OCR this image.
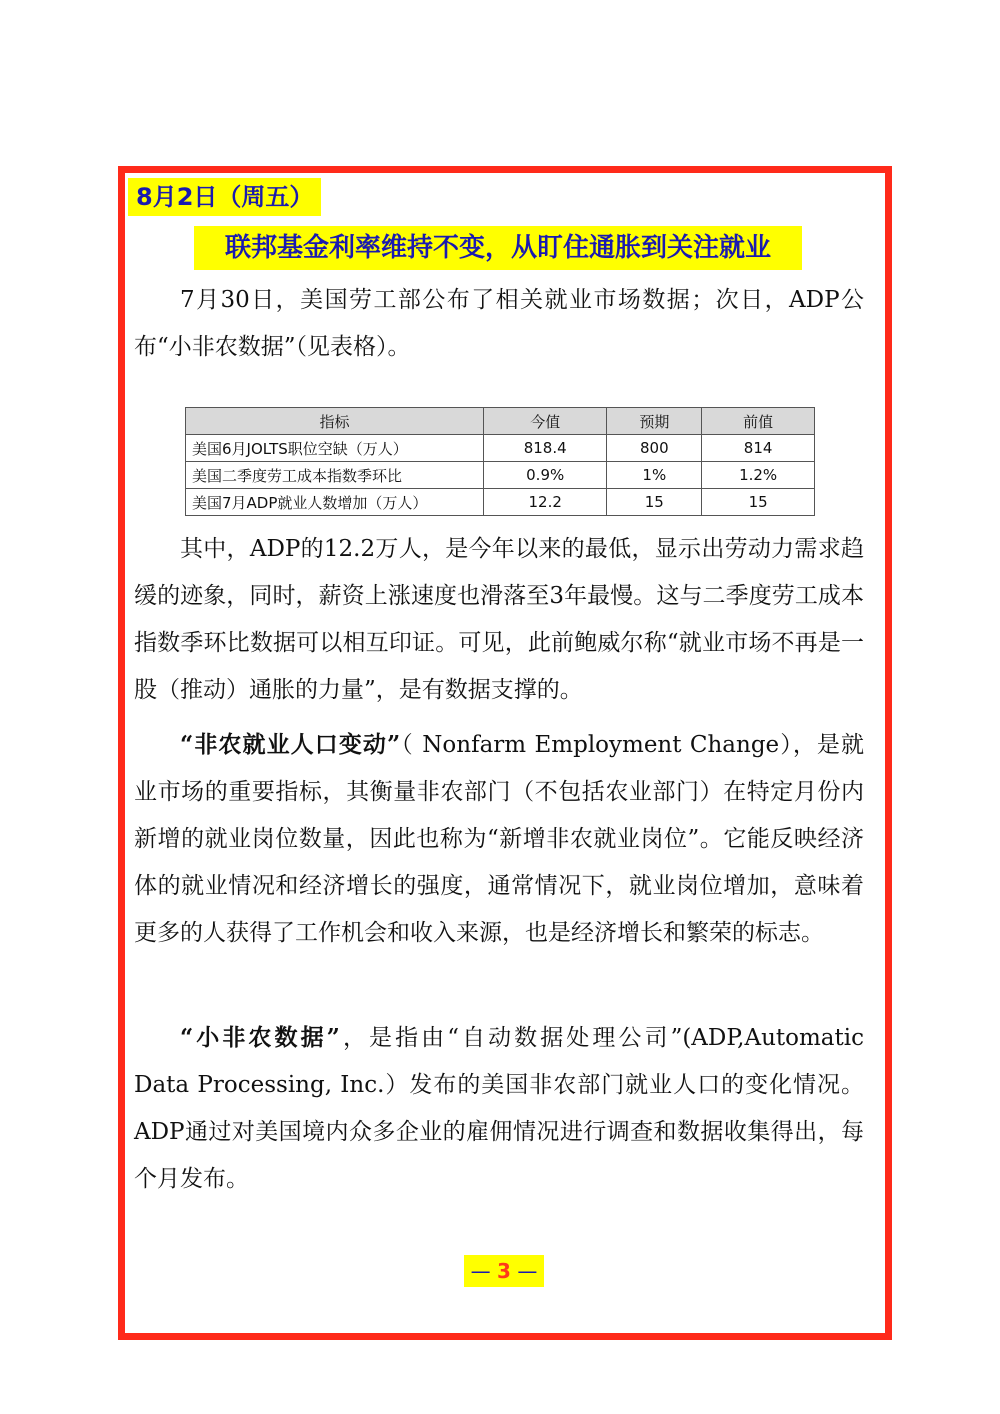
8月2日（周五）
联邦基金利率维持不变，从盯住通胀到关注就业

7月30日，美国劳工部公布了相关就业市场数据；次日，ADP公布“小非农数据”（见表格）。

指标	今值	预期	前值
美国6月JOLTS职位空缺（万人）	818.4	800	814
美国二季度劳工成本指数季环比	0.9%	1%	1.2%
美国7月ADP就业人数增加（万人）	12.2	15	15

其中，ADP的12.2万人，是今年以来的最低，显示出劳动力需求趋缓的迹象，同时，薪资上涨速度也滑落至3年最慢。这与二季度劳工成本指数季环比数据可以相互印证。可见，此前鲍威尔称“就业市场不再是一股（推动）通胀的力量”，是有数据支撑的。

“非农就业人口变动”（ Nonfarm Employment Change），是就业市场的重要指标，其衡量非农部门（不包括农业部门）在特定月份内新增的就业岗位数量，因此也称为“新增非农就业岗位”。它能反映经济体的就业情况和经济增长的强度，通常情况下，就业岗位增加，意味着更多的人获得了工作机会和收入来源，也是经济增长和繁荣的标志。

“小非农数据”，是指由“自动数据处理公司”(ADP,Automatic Data Processing, Inc.）发布的美国非农部门就业人口的变化情况。ADP通过对美国境内众多企业的雇佣情况进行调查和数据收集得出，每个月发布。

— 3 —
